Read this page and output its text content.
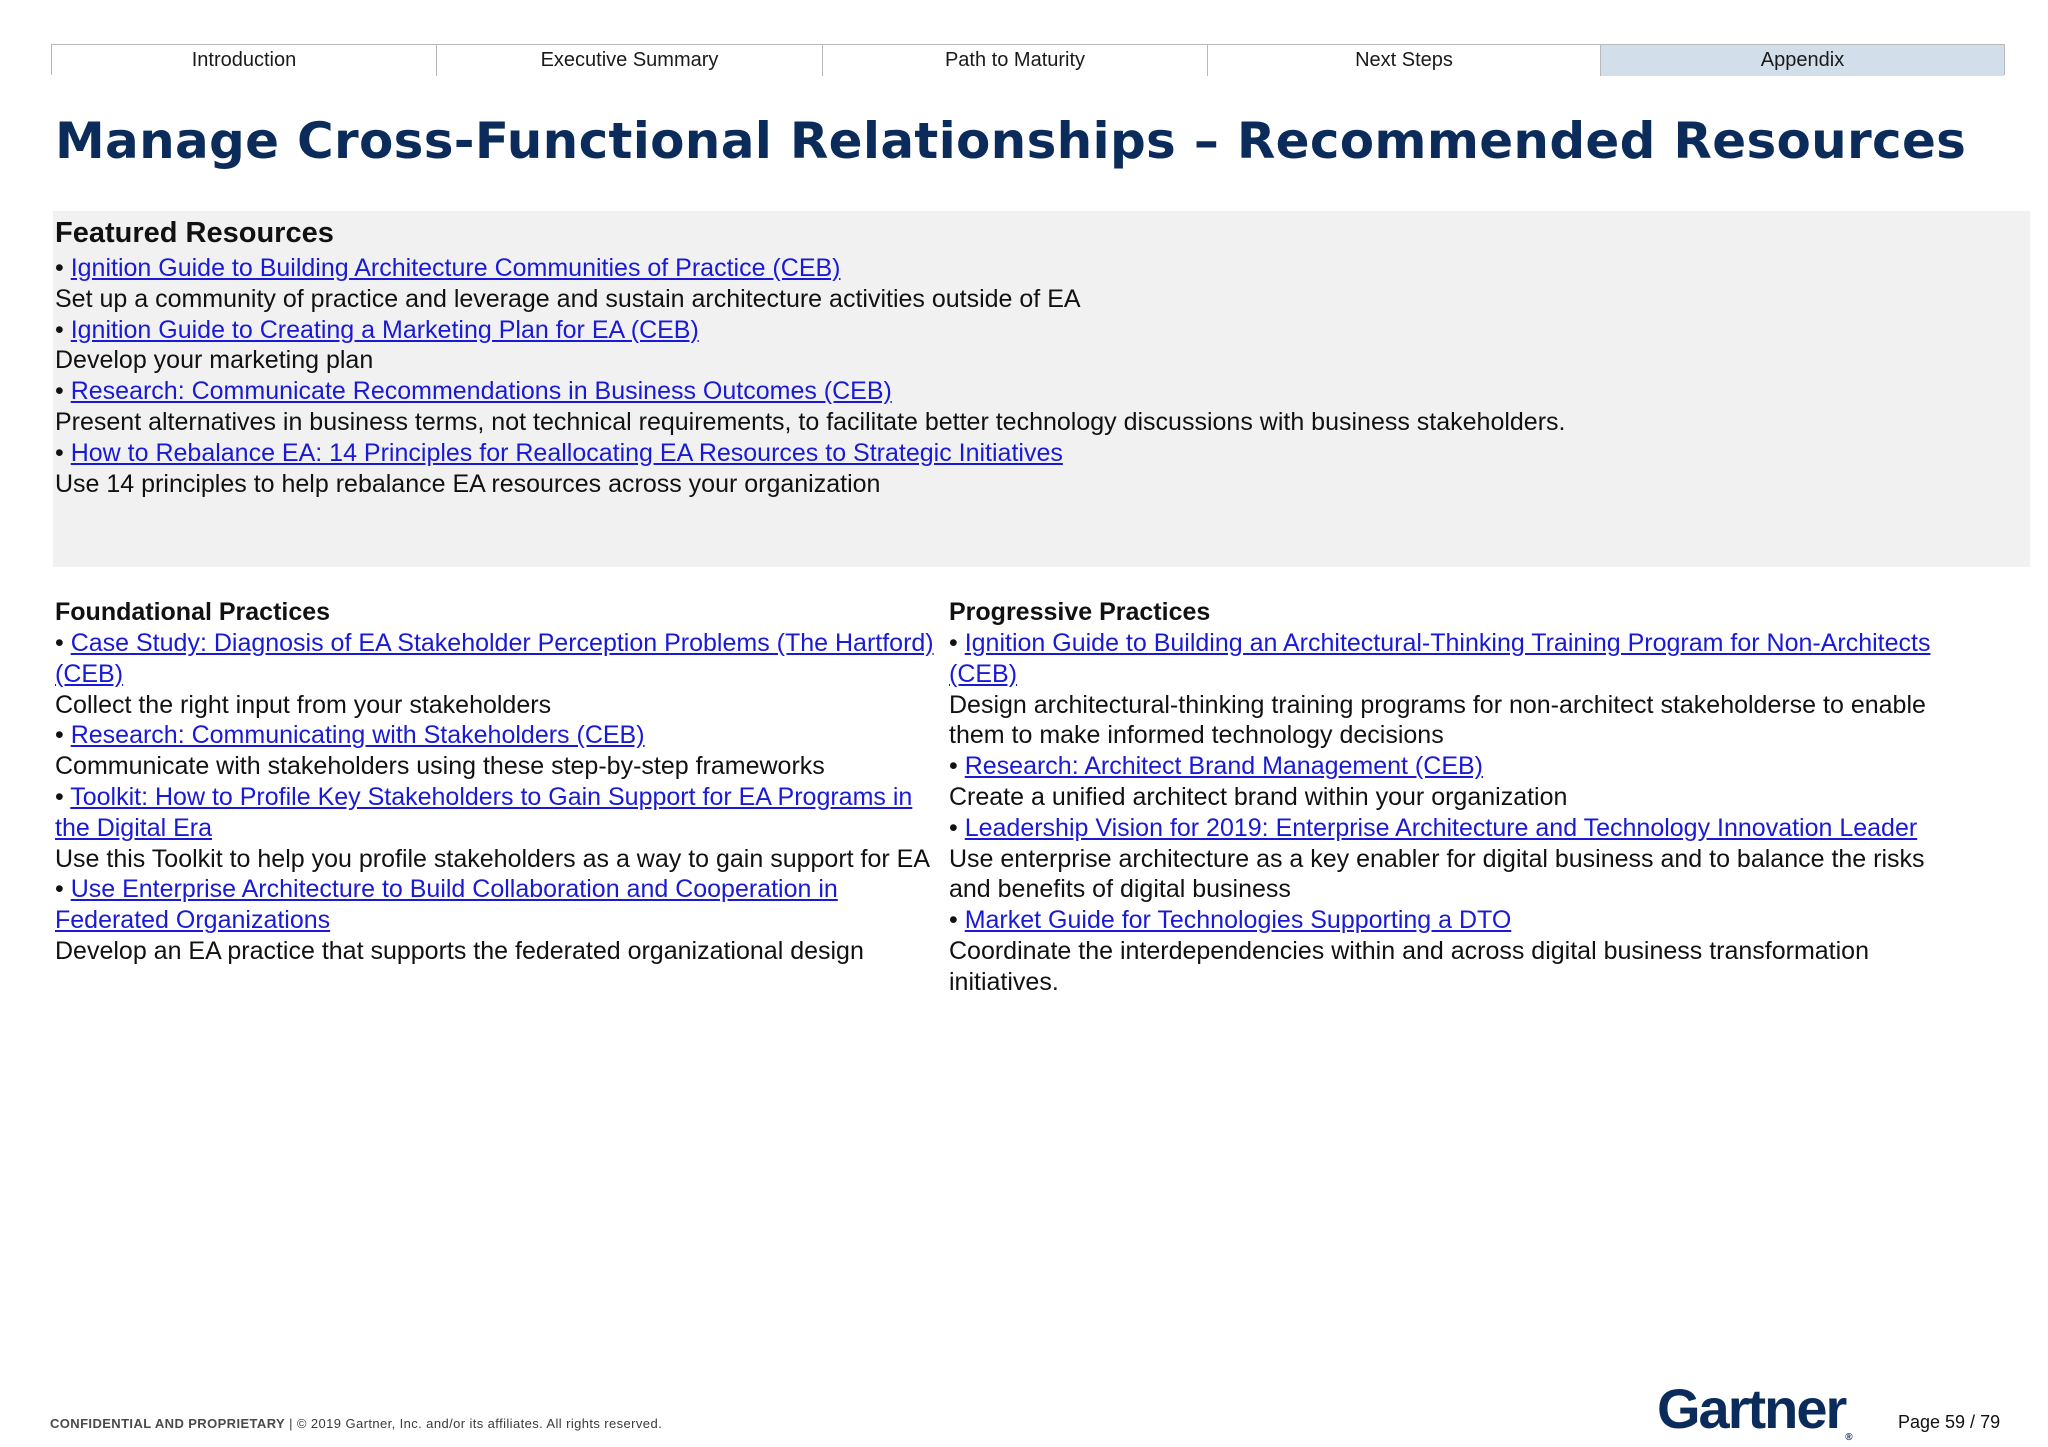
Introduction	Executive Summary	Path to Maturity	Next Steps	Appendix
Manage Cross-Functional Relationships – Recommended Resources
Featured Resources

• Ignition Guide to Building Architecture Communities of Practice (CEB)

Set up a community of practice and leverage and sustain architecture activities outside of EA

• Ignition Guide to Creating a Marketing Plan for EA (CEB)

Develop your marketing plan

• Research: Communicate Recommendations in Business Outcomes (CEB)

Present alternatives in business terms, not technical requirements, to facilitate better technology discussions with business stakeholders.

• How to Rebalance EA: 14 Principles for Reallocating EA Resources to Strategic Initiatives

Use 14 principles to help rebalance EA resources across your organization

Foundational Practices

• Case Study: Diagnosis of EA Stakeholder Perception Problems (The Hartford) (CEB)

Collect the right input from your stakeholders

• Research: Communicating with Stakeholders (CEB)

Communicate with stakeholders using these step-by-step frameworks

• Toolkit: How to Profile Key Stakeholders to Gain Support for EA Programs in the Digital Era

Use this Toolkit to help you profile stakeholders as a way to gain support for EA

• Use Enterprise Architecture to Build Collaboration and Cooperation in Federated Organizations

Develop an EA practice that supports the federated organizational design

Progressive Practices

• Ignition Guide to Building an Architectural-Thinking Training Program for Non-Architects (CEB)

Design architectural-thinking training programs for non-architect stakeholderse to enable them to make informed technology decisions

• Research: Architect Brand Management (CEB)

Create a unified architect brand within your organization

• Leadership Vision for 2019: Enterprise Architecture and Technology Innovation Leader

Use enterprise architecture as a key enabler for digital business and to balance the risks and benefits of digital business

• Market Guide for Technologies Supporting a DTO

Coordinate the interdependencies within and across digital business transformation initiatives.

CONFIDENTIAL AND PROPRIETARY | © 2019 Gartner, Inc. and/or its affiliates. All rights reserved.	Gartner$_®$
Page 59 / 79
